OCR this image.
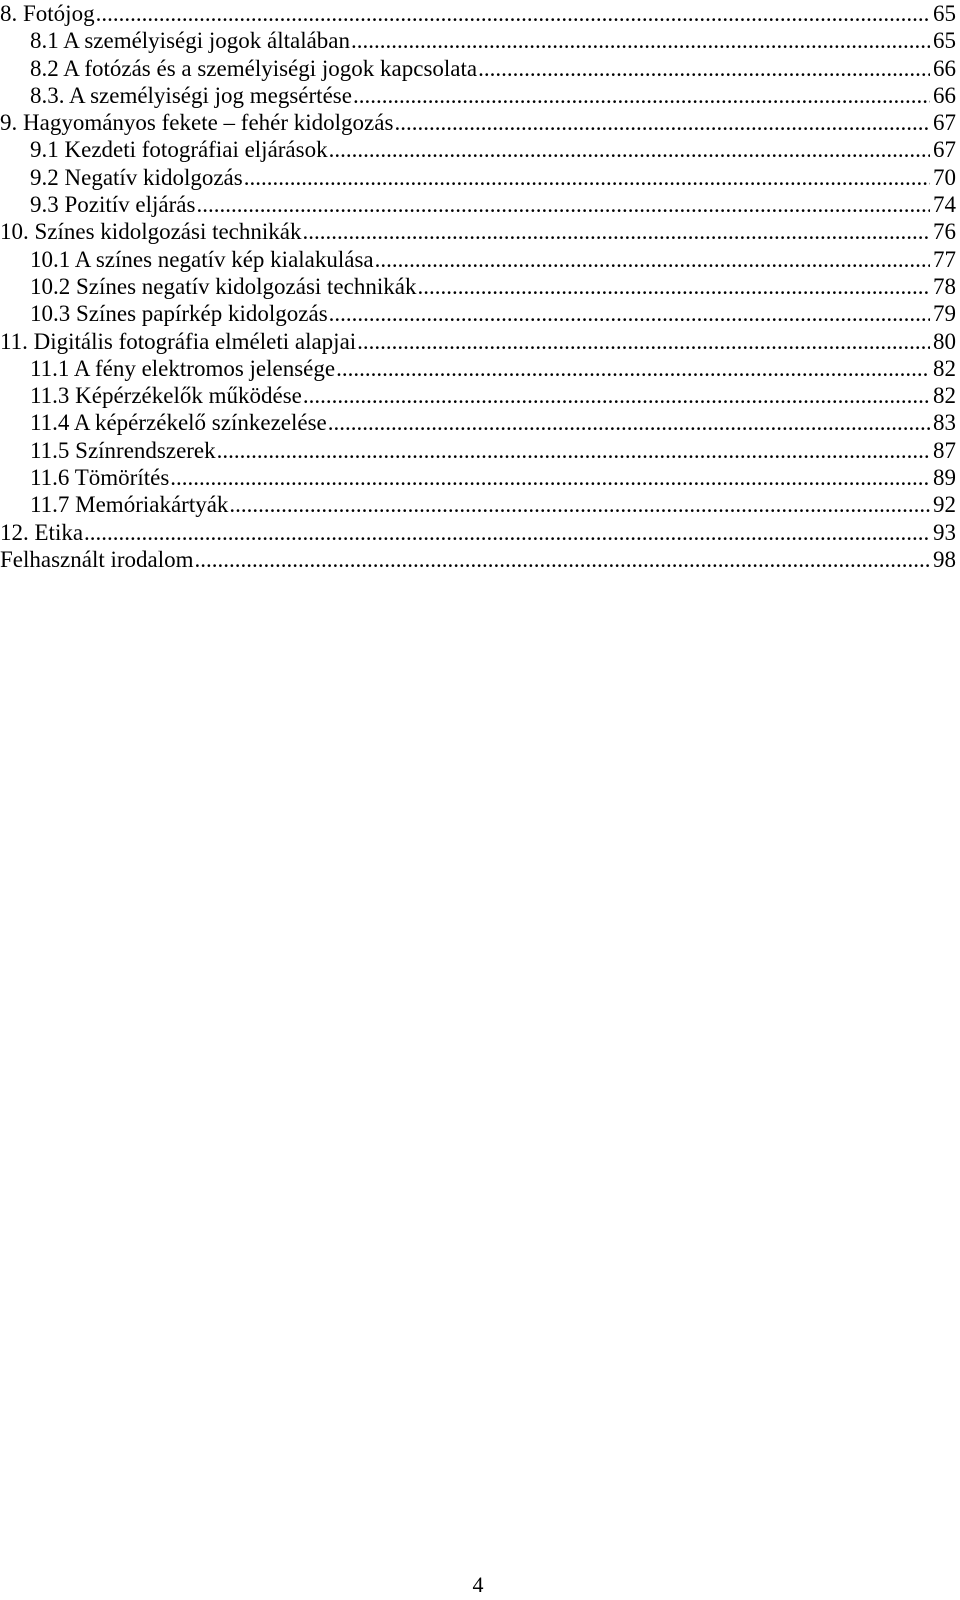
8. Fotójog .....	65
8.1 A személyiségi jogok általában .....	65
8.2 A fotózás és a személyiségi jogok kapcsolata .....	66
8.3. A személyiségi jog megsértése .....	66
9. Hagyományos fekete – fehér kidolgozás .....	67
9.1 Kezdeti fotográfiai eljárások .....	67
9.2 Negatív kidolgozás .....	70
9.3 Pozitív eljárás .....	74
10. Színes kidolgozási technikák .....	76
10.1 A színes negatív kép kialakulása .....	77
10.2 Színes negatív kidolgozási technikák .....	78
10.3 Színes papírkép kidolgozás .....	79
11. Digitális fotográfia elméleti alapjai .....	80
11.1 A fény elektromos jelensége .....	82
11.3 Képérzékelők működése .....	82
11.4 A képérzékelő színkezelése .....	83
11.5 Színrendszerek .....	87
11.6 Tömörítés .....	89
11.7 Memóriakártyák .....	92
12. Etika .....	93
Felhasznált irodalom .....	98
4
